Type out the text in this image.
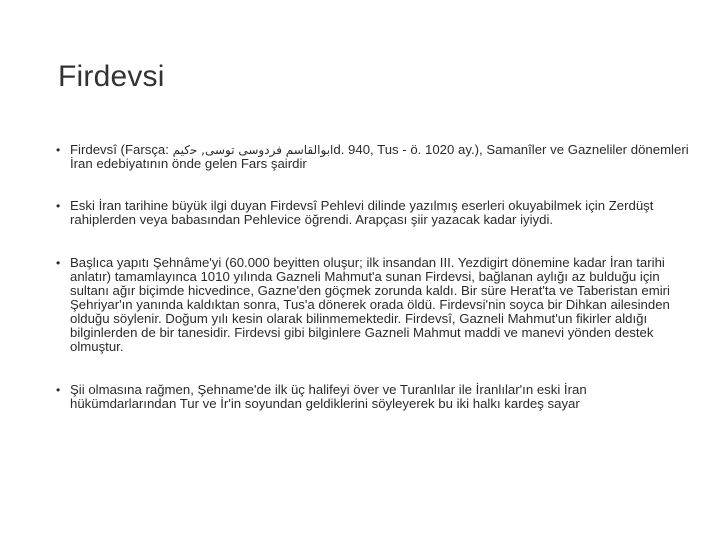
Firdevsi
• Firdevsî (Farsça: ابوالقاسم فردوسی توسی, ﺣکیمd. 940, Tus - ö. 1020 ay.), Samanîler ve Gazneliler dönemleri İran edebiyatının önde gelen Fars şairdir
• Eski İran tarihine büyük ilgi duyan Firdevsî Pehlevi dilinde yazılmış eserleri okuyabilmek için Zerdüşt rahiplerden veya babasından Pehlevice öğrendi. Arapçası şiir yazacak kadar iyiydi.
• Başlıca yapıtı Şehnâme'yi (60.000 beyitten oluşur; ilk insandan III. Yezdigirt dönemine kadar İran tarihi anlatır) tamamlayınca 1010 yılında Gazneli Mahmut'a sunan Firdevsi, bağlanan aylığı az bulduğu için sultanı ağır biçimde hicvedince, Gazne'den göçmek zorunda kaldı. Bir süre Herat'ta ve Taberistan emiri Şehriyar'ın yanında kaldıktan sonra, Tus'a dönerek orada öldü. Firdevsi'nin soyca bir Dihkan ailesinden olduğu söylenir. Doğum yılı kesin olarak bilinmemektedir. Firdevsî, Gazneli Mahmut'un fikirler aldığı bilginlerden de bir tanesidir. Firdevsi gibi bilginlere Gazneli Mahmut maddi ve manevi yönden destek olmuştur.
• Şii olmasına rağmen, Şehname'de ilk üç halifeyi över ve Turanlılar ile İranlılar'ın eski İran hükümdarlarından Tur ve İr'in soyundan geldiklerini söyleyerek bu iki halkı kardeş sayar
